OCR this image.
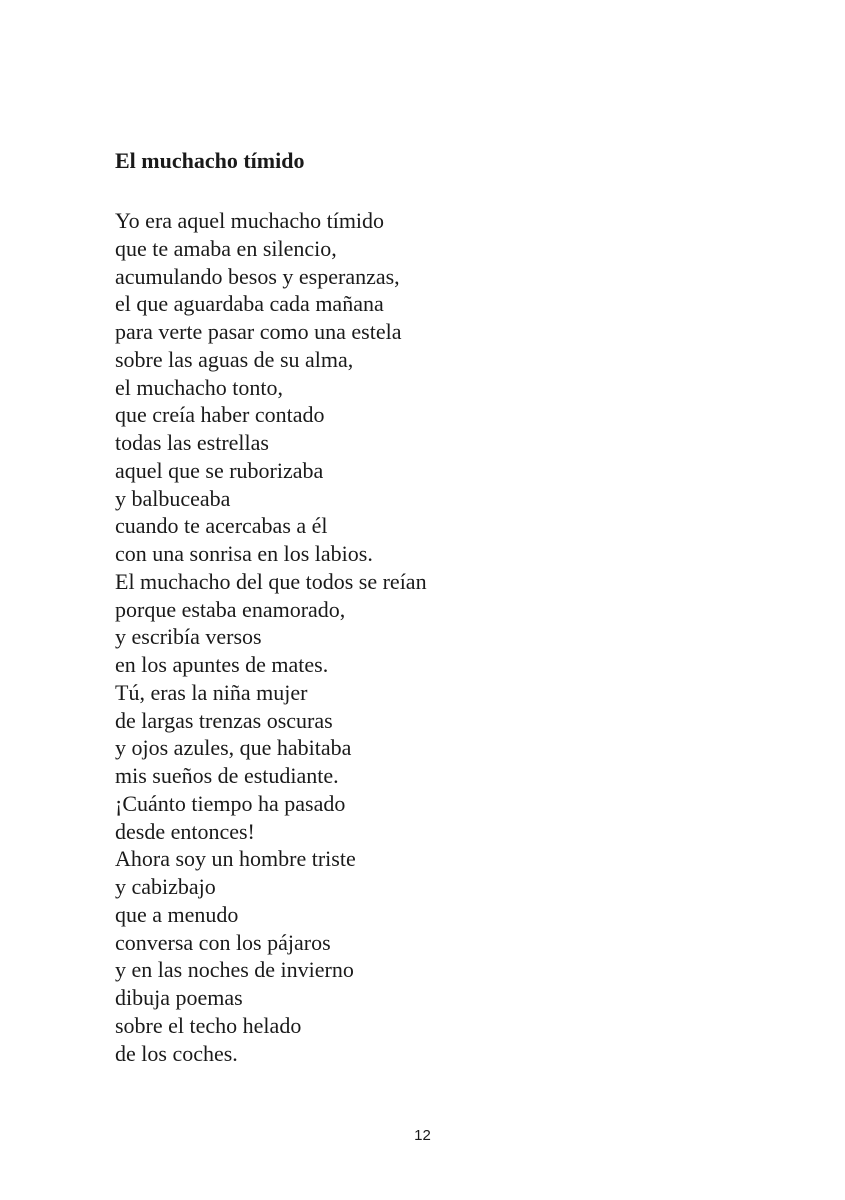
El muchacho tímido
Yo era aquel muchacho tímido
que te amaba en silencio,
acumulando besos y esperanzas,
el que aguardaba cada mañana
para verte pasar como una estela
sobre las aguas de su alma,
el muchacho tonto,
que creía haber contado
todas las estrellas
aquel que se ruborizaba
y balbuceaba
cuando te acercabas a él
con una sonrisa en los labios.
El muchacho del que todos se reían
porque estaba enamorado,
y escribía versos
en los apuntes de mates.
Tú, eras la niña mujer
de largas trenzas oscuras
y ojos azules, que habitaba
mis sueños de estudiante.
¡Cuánto tiempo ha pasado
desde entonces!
Ahora soy un hombre triste
y cabizbajo
que a menudo
conversa con los pájaros
y en las noches de invierno
dibuja poemas
sobre el techo helado
de los coches.
12
